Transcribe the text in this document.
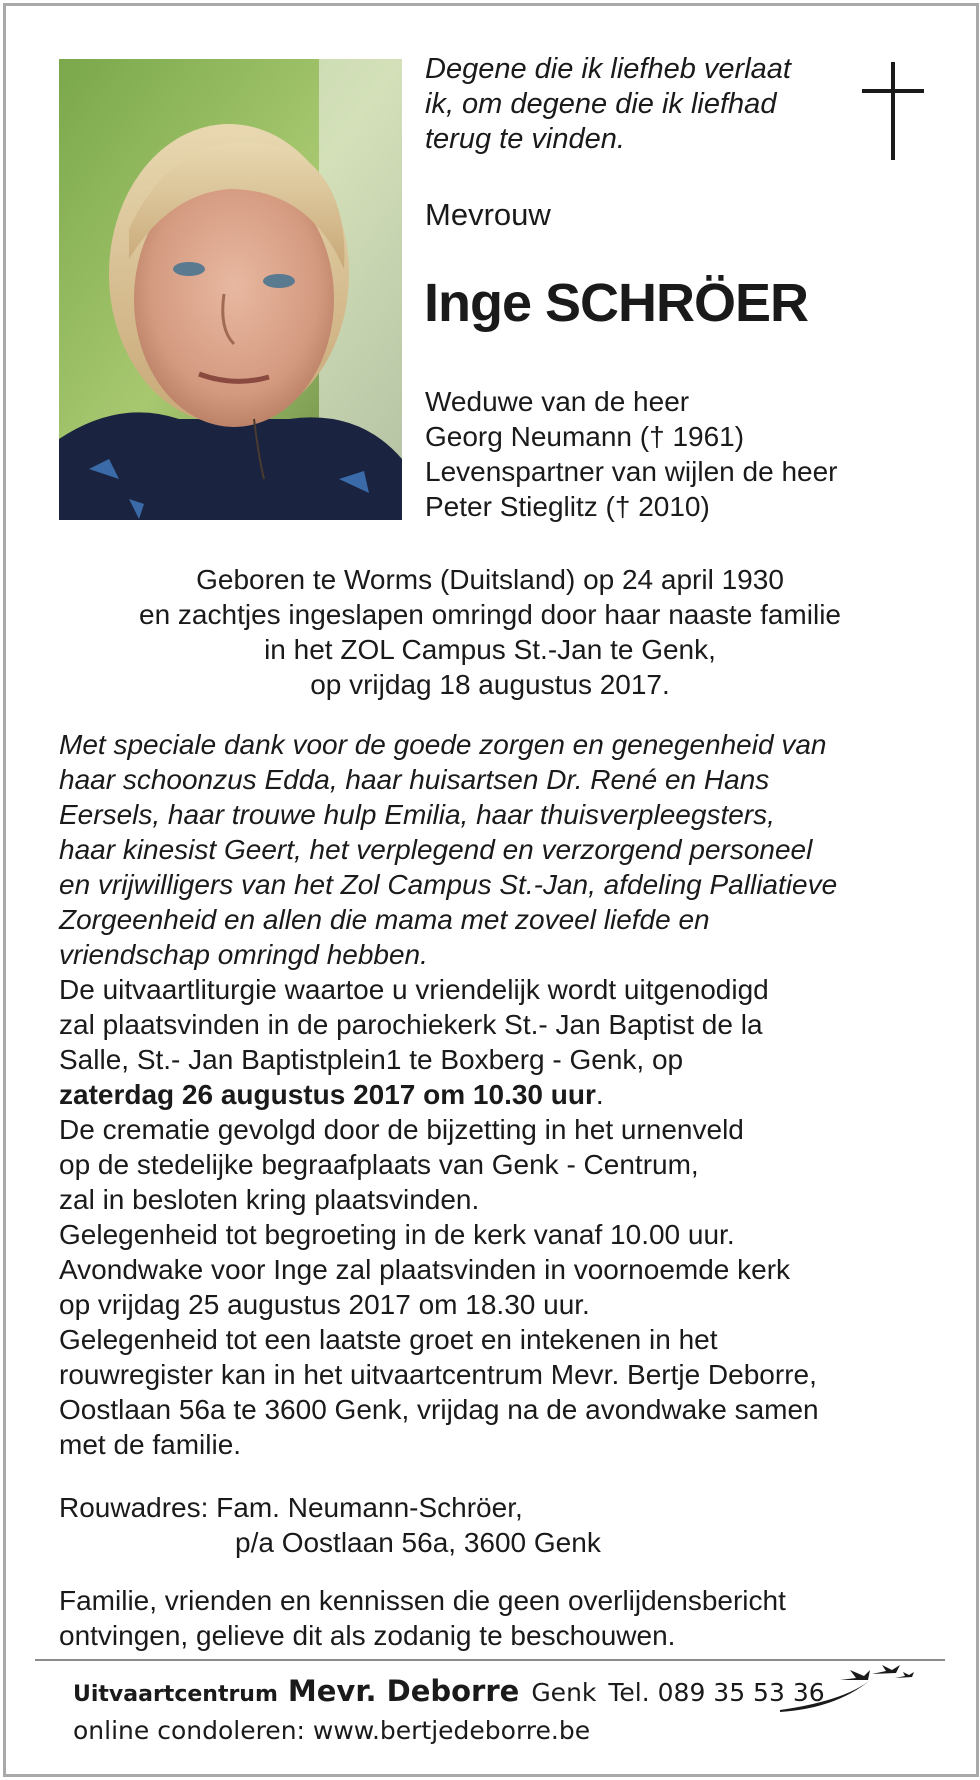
Degene die ik liefheb verlaat
ik, om degene die ik liefhad
terug te vinden.
Mevrouw
Inge SCHRÖER
Weduwe van de heer
Georg Neumann († 1961)
Levenspartner van wijlen de heer
Peter Stieglitz († 2010)
Geboren te Worms (Duitsland) op 24 april 1930
en zachtjes ingeslapen omringd door haar naaste familie
in het ZOL Campus St.-Jan te Genk,
op vrijdag 18 augustus 2017.
Met speciale dank voor de goede zorgen en genegenheid van
haar schoonzus Edda, haar huisartsen Dr. René en Hans
Eersels, haar trouwe hulp Emilia, haar thuisverpleegsters,
haar kinesist Geert, het verplegend en verzorgend personeel
en vrijwilligers van het Zol Campus St.-Jan, afdeling Palliatieve
Zorgeenheid en allen die mama met zoveel liefde en
vriendschap omringd hebben.
De uitvaartliturgie waartoe u vriendelijk wordt uitgenodigd
zal plaatsvinden in de parochiekerk St.- Jan Baptist de la
Salle, St.- Jan Baptistplein1 te Boxberg - Genk, op
zaterdag 26 augustus 2017 om 10.30 uur.
De crematie gevolgd door de bijzetting in het urnenveld
op de stedelijke begraafplaats van Genk - Centrum,
zal in besloten kring plaatsvinden.
Gelegenheid tot begroeting in de kerk vanaf 10.00 uur.
Avondwake voor Inge zal plaatsvinden in voornoemde kerk
op vrijdag 25 augustus 2017 om 18.30 uur.
Gelegenheid tot een laatste groet en intekenen in het
rouwregister kan in het uitvaartcentrum Mevr. Bertje Deborre,
Oostlaan 56a te 3600 Genk, vrijdag na de avondwake samen
met de familie.
Rouwadres: Fam. Neumann-Schröer,
p/a Oostlaan 56a, 3600 Genk
Familie, vrienden en kennissen die geen overlijdensbericht
ontvingen, gelieve dit als zodanig te beschouwen.
Uitvaartcentrum Mevr. Deborre Genk Tel. 089 35 53 36
online condoleren: www.bertjedeborre.be
